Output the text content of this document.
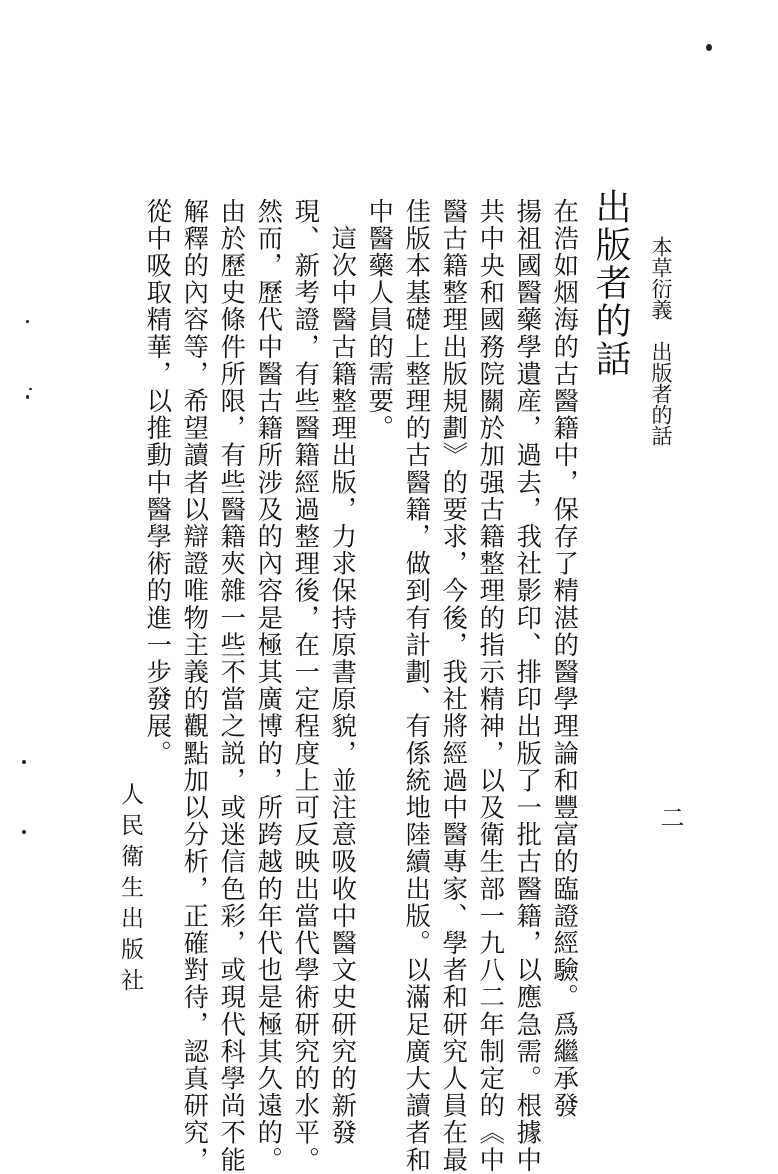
本草衍義　出版者的話
二
出版者的話
在浩如烟海的古醫籍中，保存了精湛的醫學理論和豐富的臨證經驗。爲繼承發
揚祖國醫藥學遺産，過去，我社影印、排印出版了一批古醫籍，以應急需。根據中
共中央和國務院關於加强古籍整理的指示精神，以及衛生部一九八二年制定的《中
醫古籍整理出版規劃》的要求，今後，我社將經過中醫專家、學者和研究人員在最
佳版本基礎上整理的古醫籍，做到有計劃、有係統地陸續出版。以滿足廣大讀者和
中醫藥人員的需要。
　這次中醫古籍整理出版，力求保持原書原貌，並注意吸收中醫文史研究的新發
現、新考證，有些醫籍經過整理後，在一定程度上可反映出當代學術研究的水平。
然而，歷代中醫古籍所涉及的內容是極其廣博的，所跨越的年代也是極其久遠的。
由於歷史條件所限，有些醫籍夾雜一些不當之説，或迷信色彩，或現代科學尚不能
解釋的內容等，希望讀者以辯證唯物主義的觀點加以分析，正確對待，認真研究，
從中吸取精華，以推動中醫學術的進一步發展。
人民衛生出版社
